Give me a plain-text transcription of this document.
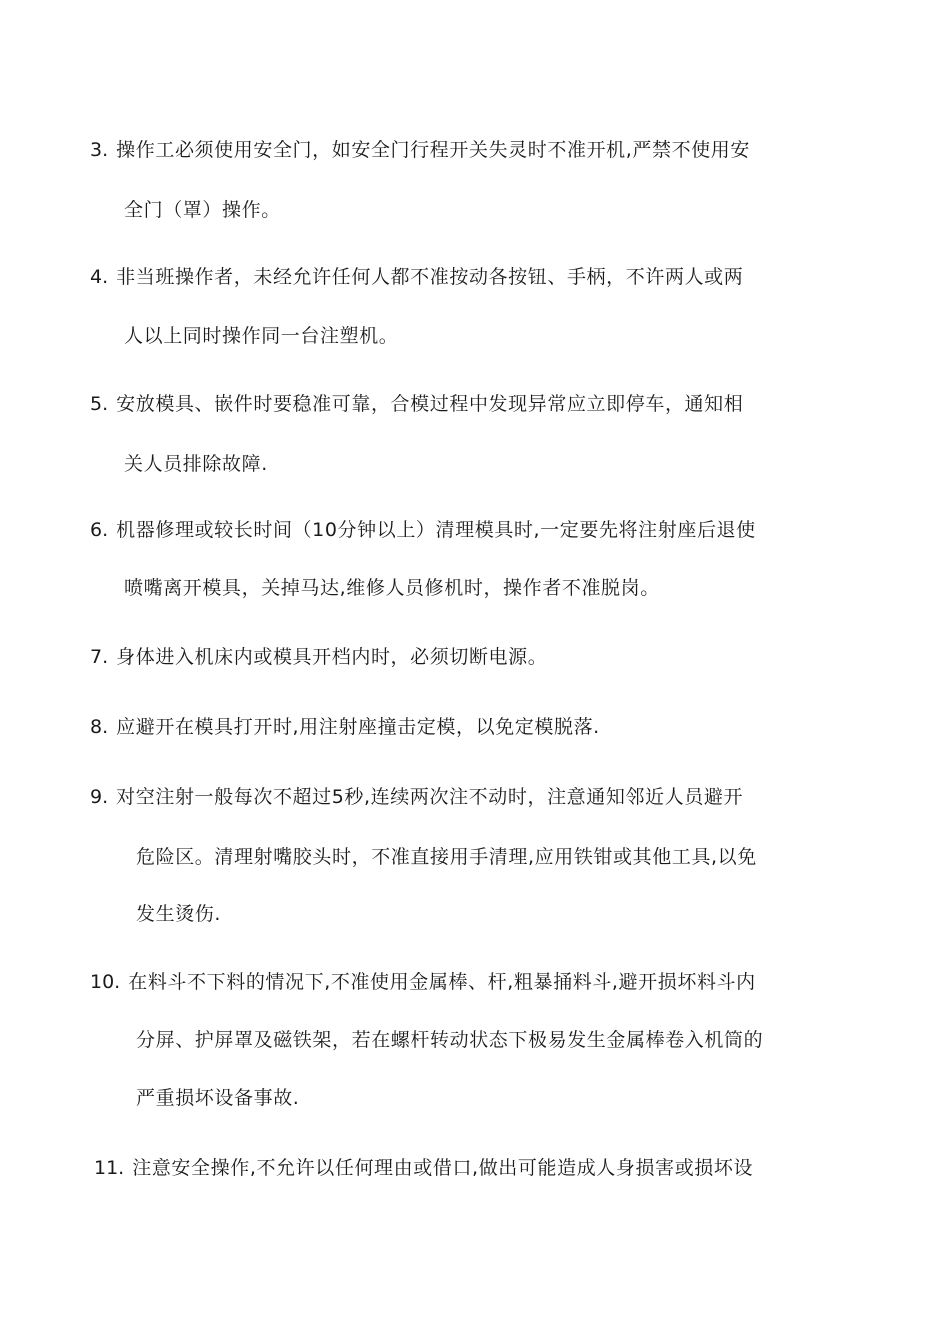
3. 操作工必须使用安全门，如安全门行程开关失灵时不准开机,严禁不使用安
全门（罩）操作。
4. 非当班操作者，未经允许任何人都不准按动各按钮、手柄，不许两人或两
人以上同时操作同一台注塑机。
5. 安放模具、嵌件时要稳准可靠，合模过程中发现异常应立即停车，通知相
关人员排除故障.
6. 机器修理或较长时间（10分钟以上）清理模具时,一定要先将注射座后退使
喷嘴离开模具，关掉马达,维修人员修机时，操作者不准脱岗。
7. 身体进入机床内或模具开档内时，必须切断电源。
8. 应避开在模具打开时,用注射座撞击定模，以免定模脱落.
9. 对空注射一般每次不超过5秒,连续两次注不动时，注意通知邻近人员避开
危险区。清理射嘴胶头时，不准直接用手清理,应用铁钳或其他工具,以免
发生烫伤.
10. 在料斗不下料的情况下,不准使用金属棒、杆,粗暴捅料斗,避开损坏料斗内
分屏、护屏罩及磁铁架，若在螺杆转动状态下极易发生金属棒卷入机筒的
严重损坏设备事故.
11. 注意安全操作,不允许以任何理由或借口,做出可能造成人身损害或损坏设
